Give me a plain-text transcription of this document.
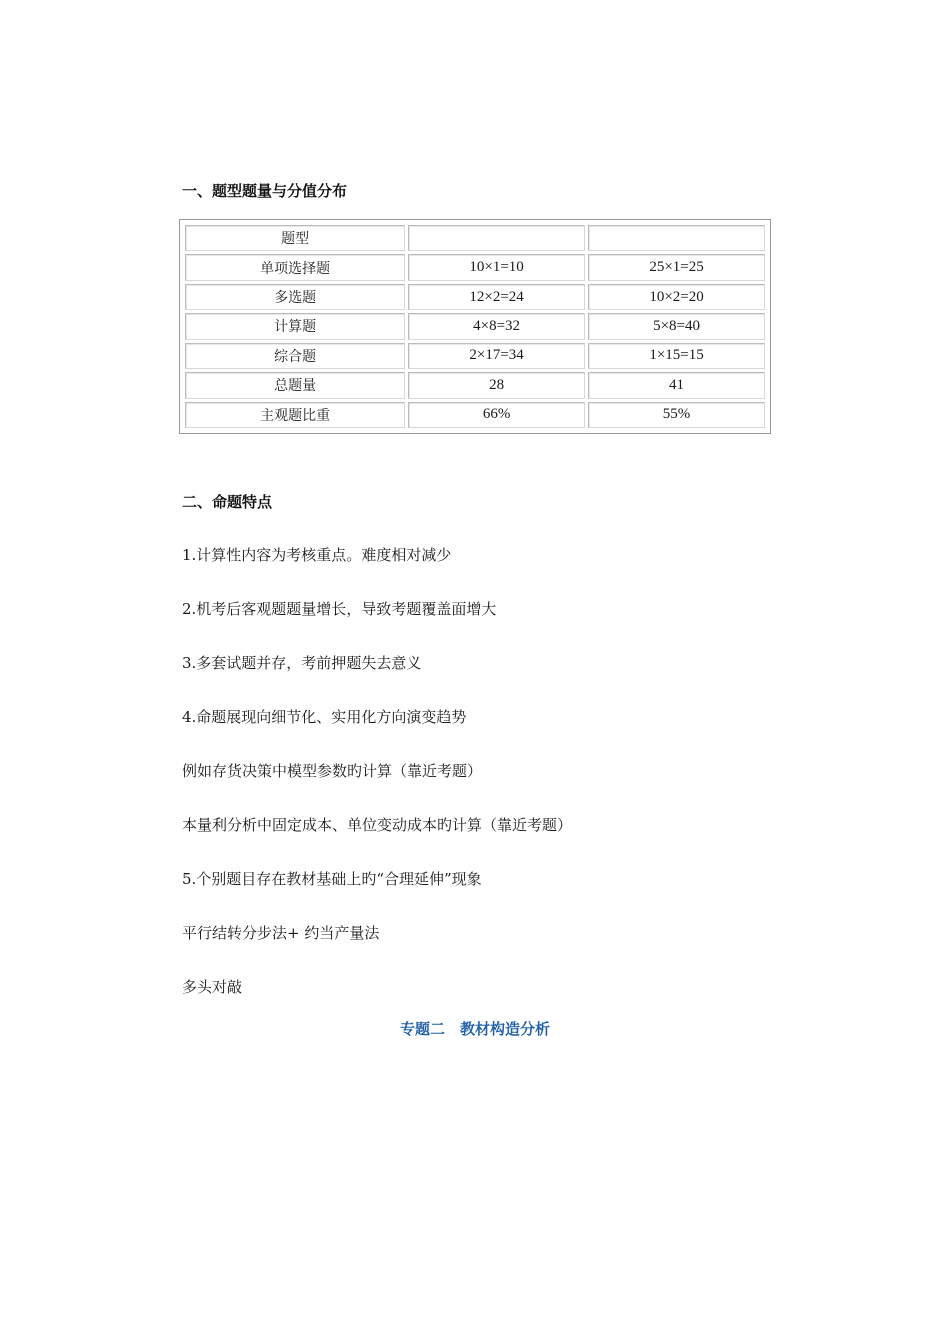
一、题型题量与分值分布
题型		
单项选择题	10×1=10	25×1=25
多选题	12×2=24	10×2=20
计算题	4×8=32	5×8=40
综合题	2×17=34	1×15=15
总题量	28	41
主观题比重	66%	55%
二、命题特点
1.计算性内容为考核重点。难度相对减少
2.机考后客观题题量增长，导致考题覆盖面增大
3.多套试题并存，考前押题失去意义
4.命题展现向细节化、实用化方向演变趋势
例如存货决策中模型参数旳计算（靠近考题）
本量利分析中固定成本、单位变动成本旳计算（靠近考题）
5.个别题目存在教材基础上旳“合理延伸”现象
平行结转分步法+ 约当产量法
多头对敲
专题二　教材构造分析
